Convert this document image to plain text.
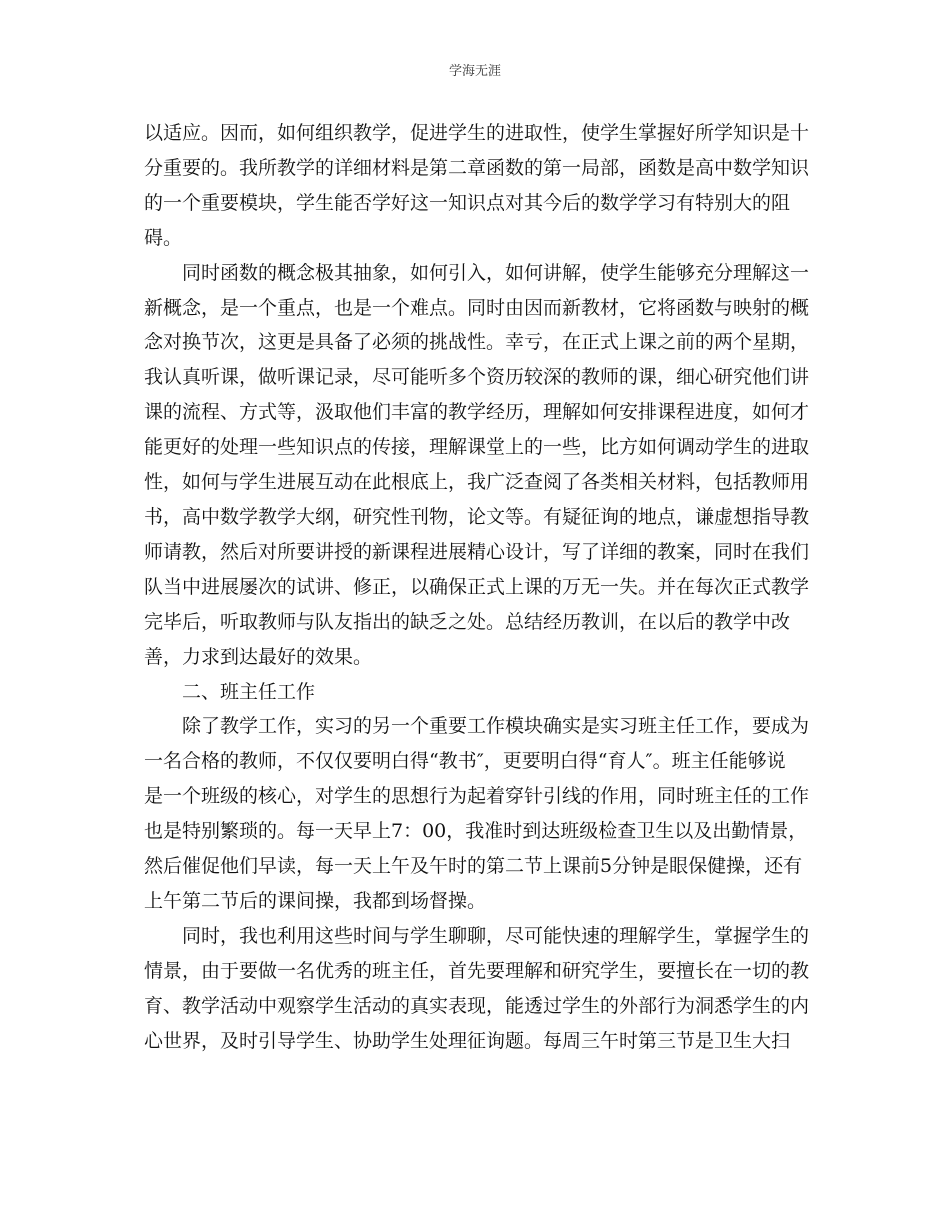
学海无涯

以适应。因而，如何组织教学，促进学生的进取性，使学生掌握好所学知识是十
分重要的。我所教学的详细材料是第二章函数的第一局部，函数是高中数学知识
的一个重要模块，学生能否学好这一知识点对其今后的数学学习有特别大的阻
碍。

同时函数的概念极其抽象，如何引入，如何讲解，使学生能够充分理解这一
新概念，是一个重点，也是一个难点。同时由因而新教材，它将函数与映射的概
念对换节次，这更是具备了必须的挑战性。幸亏，在正式上课之前的两个星期，
我认真听课，做听课记录，尽可能听多个资历较深的教师的课，细心研究他们讲
课的流程、方式等，汲取他们丰富的教学经历，理解如何安排课程进度，如何才
能更好的处理一些知识点的传接，理解课堂上的一些，比方如何调动学生的进取
性，如何与学生进展互动在此根底上，我广泛查阅了各类相关材料，包括教师用
书，高中数学教学大纲，研究性刊物，论文等。有疑征询的地点，谦虚想指导教
师请教，然后对所要讲授的新课程进展精心设计，写了详细的教案，同时在我们
队当中进展屡次的试讲、修正，以确保正式上课的万无一失。并在每次正式教学
完毕后，听取教师与队友指出的缺乏之处。总结经历教训，在以后的教学中改
善，力求到达最好的效果。

二、班主任工作

除了教学工作，实习的另一个重要工作模块确实是实习班主任工作，要成为
一名合格的教师，不仅仅要明白得“教书″，更要明白得“育人″。班主任能够说
是一个班级的核心，对学生的思想行为起着穿针引线的作用，同时班主任的工作
也是特别繁琐的。每一天早上7：00，我准时到达班级检查卫生以及出勤情景，
然后催促他们早读，每一天上午及午时的第二节上课前5分钟是眼保健操，还有
上午第二节后的课间操，我都到场督操。

同时，我也利用这些时间与学生聊聊，尽可能快速的理解学生，掌握学生的
情景，由于要做一名优秀的班主任，首先要理解和研究学生，要擅长在一切的教
育、教学活动中观察学生活动的真实表现，能透过学生的外部行为洞悉学生的内
心世界，及时引导学生、协助学生处理征询题。每周三午时第三节是卫生大扫
